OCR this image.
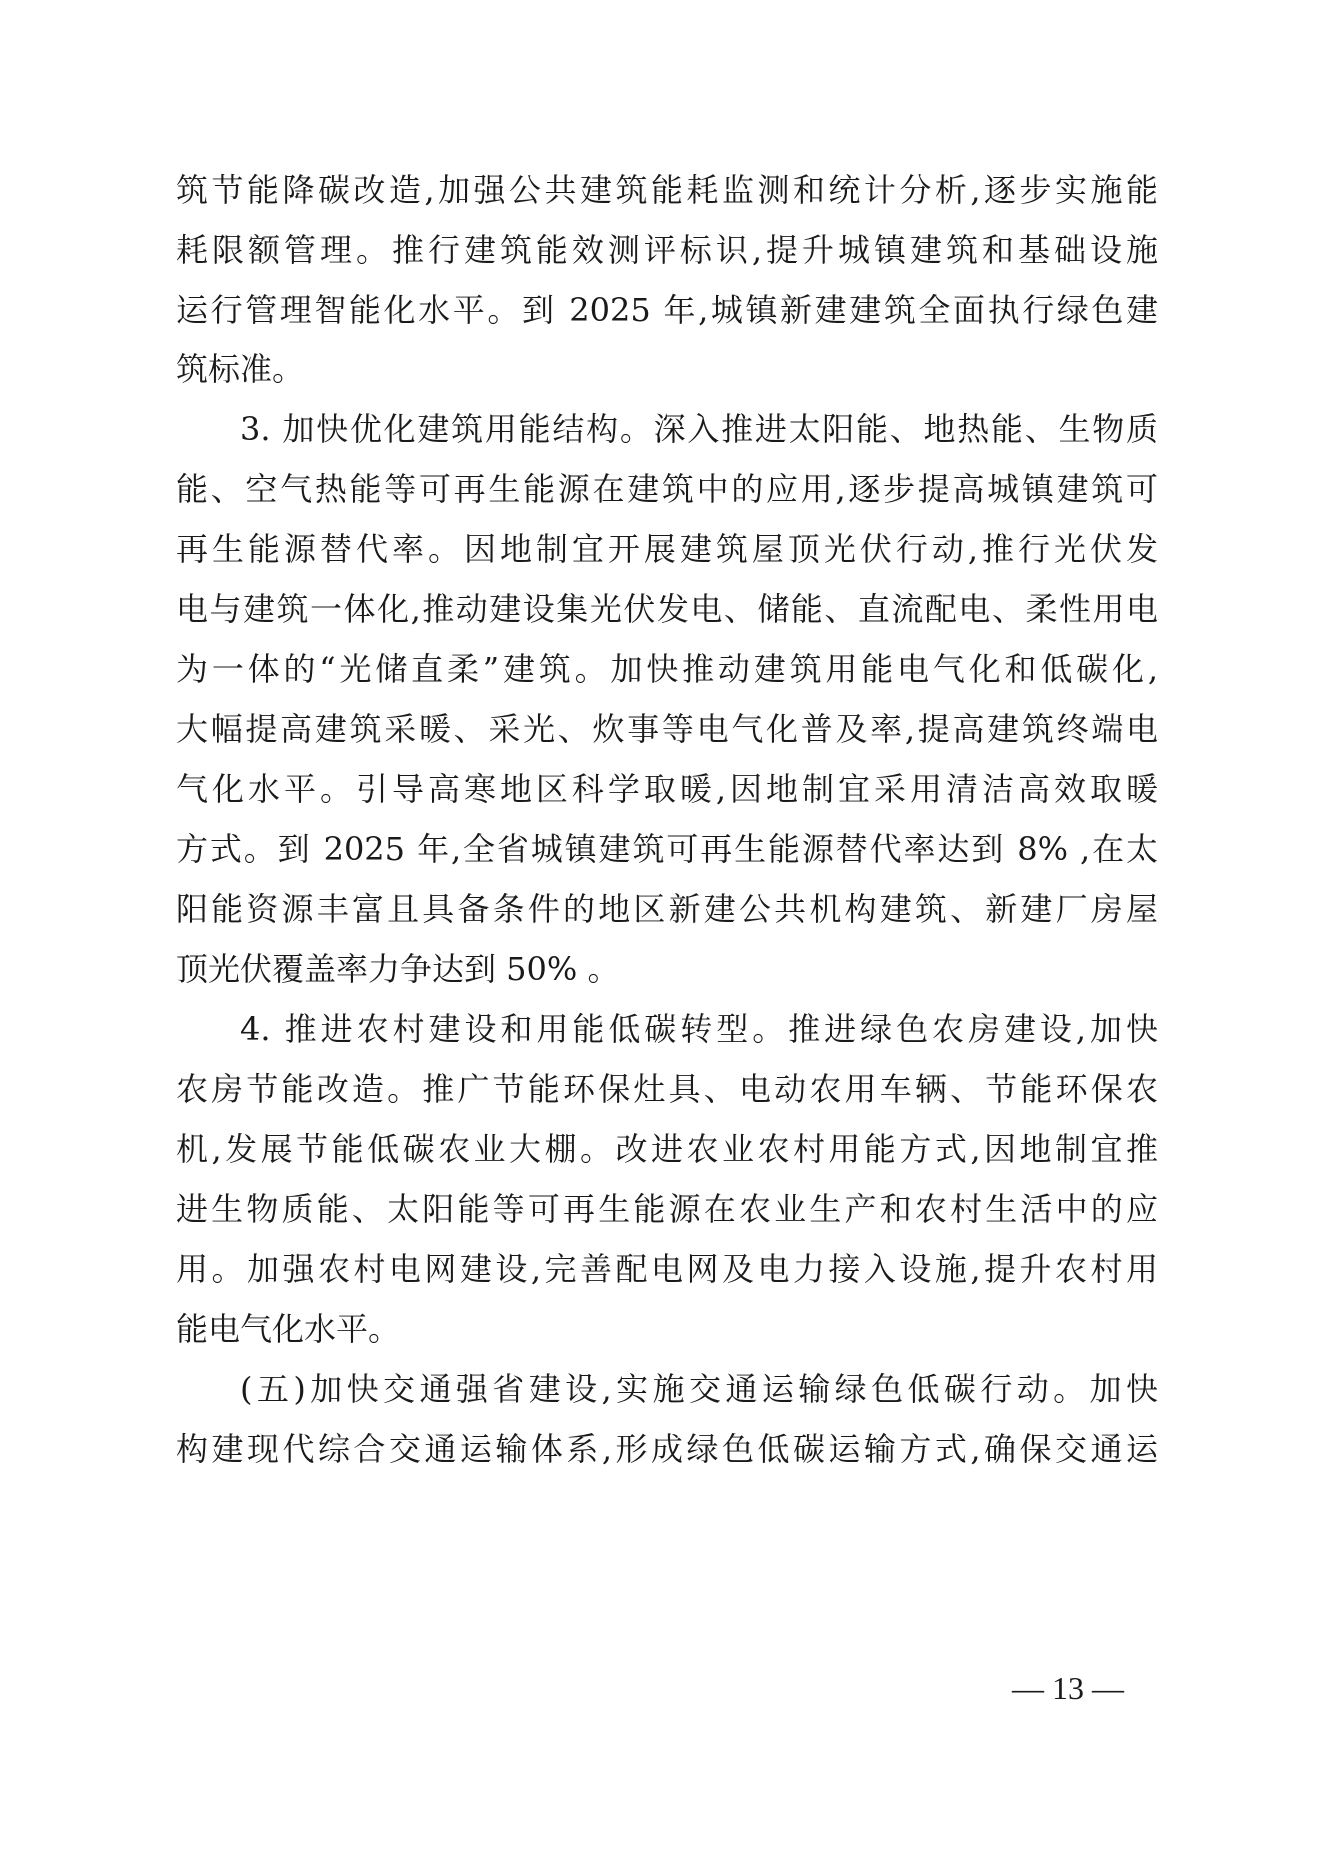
筑节能降碳改造,加强公共建筑能耗监测和统计分析,逐步实施能
耗限额管理。推行建筑能效测评标识,提升城镇建筑和基础设施
运行管理智能化水平。到 2025 年,城镇新建建筑全面执行绿色建
筑标准。
3. 加快优化建筑用能结构。深入推进太阳能、地热能、生物质
能、空气热能等可再生能源在建筑中的应用,逐步提高城镇建筑可
再生能源替代率。因地制宜开展建筑屋顶光伏行动,推行光伏发
电与建筑一体化,推动建设集光伏发电、储能、直流配电、柔性用电
为一体的“光储直柔”建筑。加快推动建筑用能电气化和低碳化,
大幅提高建筑采暖、采光、炊事等电气化普及率,提高建筑终端电
气化水平。引导高寒地区科学取暖,因地制宜采用清洁高效取暖
方式。到 2025 年,全省城镇建筑可再生能源替代率达到 8% ,在太
阳能资源丰富且具备条件的地区新建公共机构建筑、新建厂房屋
顶光伏覆盖率力争达到 50% 。
4. 推进农村建设和用能低碳转型。推进绿色农房建设,加快
农房节能改造。推广节能环保灶具、电动农用车辆、节能环保农
机,发展节能低碳农业大棚。改进农业农村用能方式,因地制宜推
进生物质能、太阳能等可再生能源在农业生产和农村生活中的应
用。加强农村电网建设,完善配电网及电力接入设施,提升农村用
能电气化水平。
(五)加快交通强省建设,实施交通运输绿色低碳行动。加快
构建现代综合交通运输体系,形成绿色低碳运输方式,确保交通运
— 13 —
